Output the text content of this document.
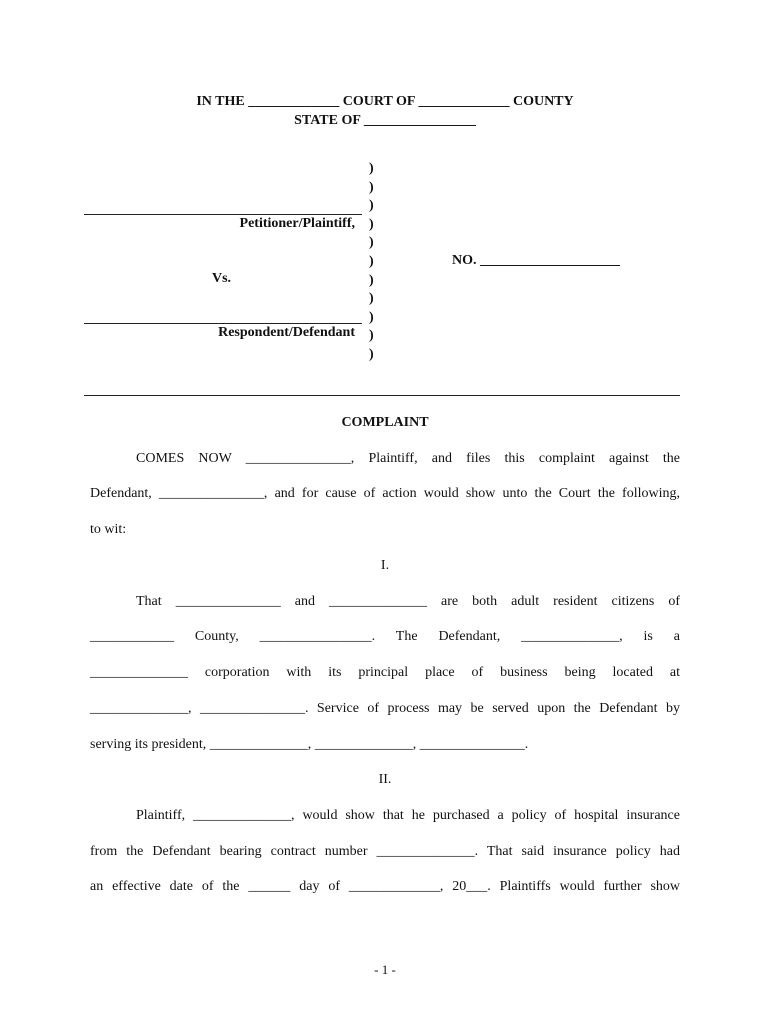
IN THE _____________ COURT OF _____________ COUNTY
STATE OF ________________
)
)
)
)
)
)
)
)
)
)
)
Petitioner/Plaintiff,
Vs.
NO. ____________________
Respondent/Defendant
COMPLAINT
COMES NOW _______________, Plaintiff, and files this complaint against the
Defendant, _______________, and for cause of action would show unto the Court the following,
to wit:
I.
That _______________ and ______________ are both adult resident citizens of
____________ County, ________________. The Defendant, ______________, is a
______________ corporation with its principal place of business being located at
______________, _______________. Service of process may be served upon the Defendant by
serving its president, ______________, ______________, _______________.
II.
Plaintiff, ______________, would show that he purchased a policy of hospital insurance
from the Defendant bearing contract number ______________. That said insurance policy had
an effective date of the ______ day of _____________, 20___. Plaintiffs would further show
- 1 -
